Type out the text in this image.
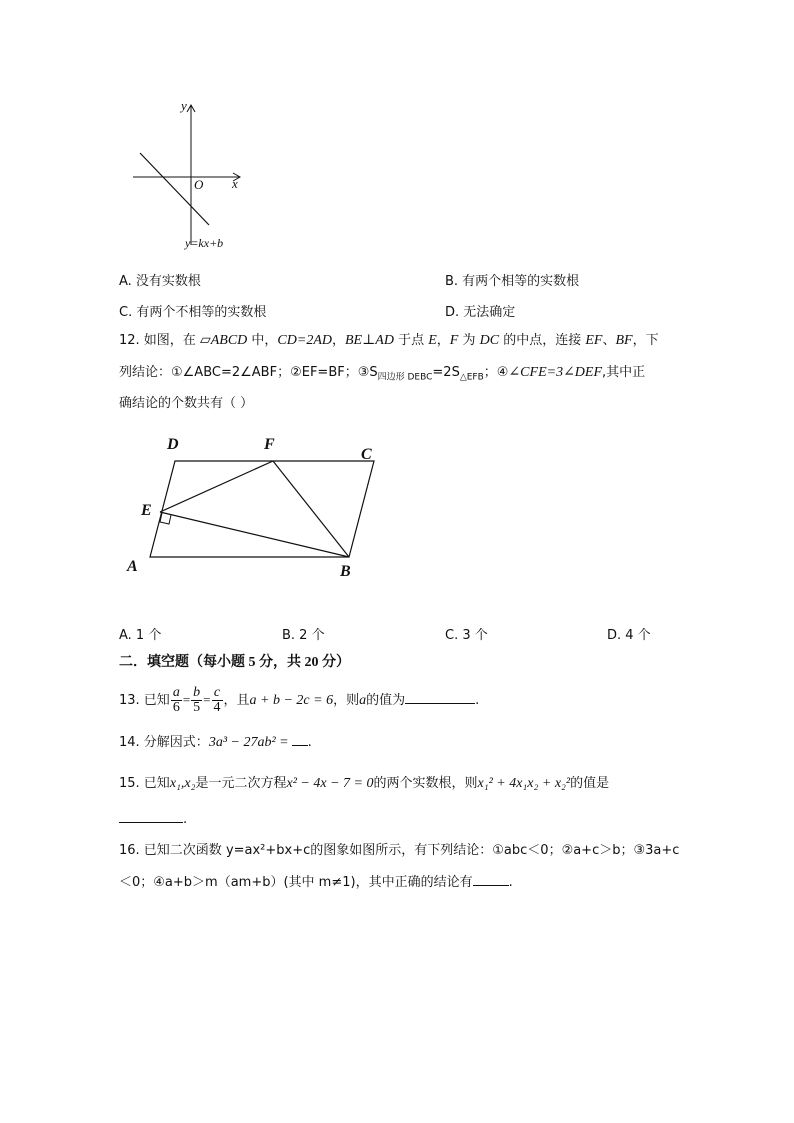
y
x
O
y=kx+b
A. 没有实数根	B. 有两个相等的实数根
C. 有两个不相等的实数根	D. 无法确定
12. 如图，在 ▱ABCD 中，CD=2AD，BE⊥AD 于点 E，F 为 DC 的中点，连接 EF、BF，下
列结论：①∠ABC=2∠ABF；②EF=BF；$③S_{四边形 DEBC}=2S_{\triangle EFB}$；④∠CFE=3∠DEF,其中正
确结论的个数共有（ ）
D	F
C
E
A	B
A. 1 个	B. 2 个	C. 3 个	D. 4 个
二．填空题（每小题 5 分，共 20 分）
13. 已知 $\frac{a}{6} = \frac{b}{5} = \frac{c}{4}$ ，且a + b − 2c = 6，则a的值为	.
14. 分解因式：3a³ − 27ab² = .
15. 已知x₁,x₂是一元二次方程x² − 4x − 7 = 0的两个实数根，则x₁² + 4x₁x₂ + x₂²的值是
.
16. 已知二次函数 y=ax²+bx+c的图象如图所示，有下列结论：①abc＜0；②a+c＞b；③3a+c
＜0；④a+b＞m（am+b）(其中 m≠1)，其中正确的结论有	.
